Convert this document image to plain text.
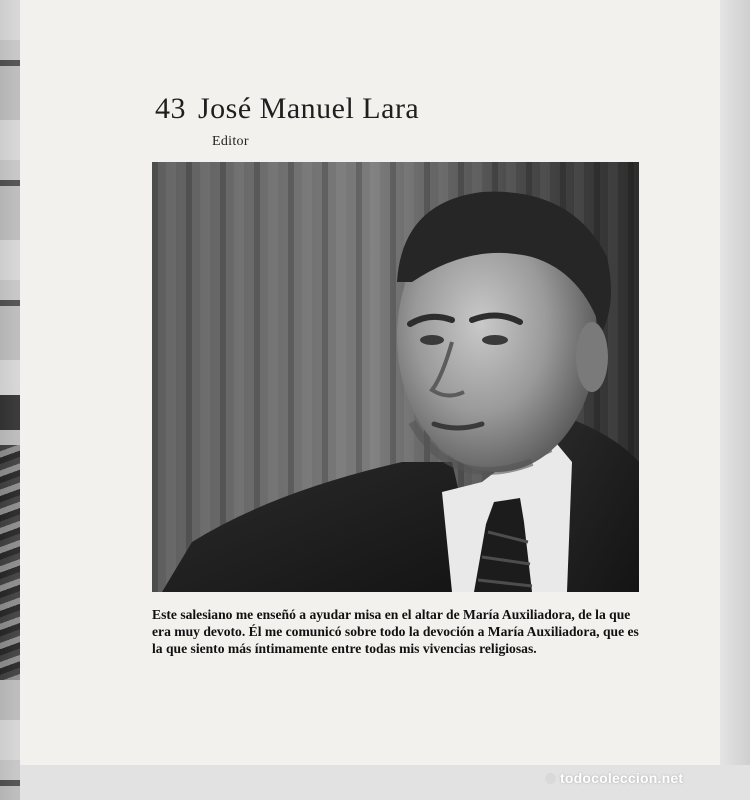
43 José Manuel Lara
Editor

Este salesiano me enseñó a ayudar misa en el altar de María Auxiliadora, de la que era muy devoto. Él me comunicó sobre todo la devoción a María Auxiliadora, que es la que siento más íntimamente entre todas mis vivencias religiosas.

todocoleccion.net
